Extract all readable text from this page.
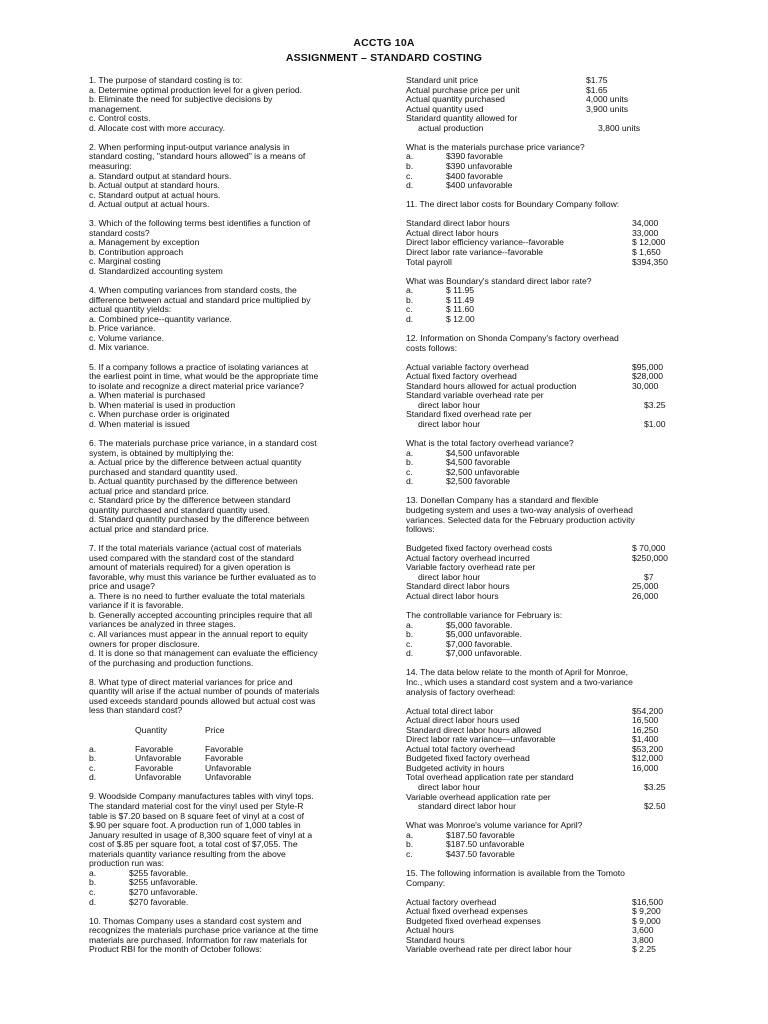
ACCTG 10A
ASSIGNMENT – STANDARD COSTING
1. The purpose of standard costing is to:
a. Determine optimal production level for a given period.
b. Eliminate the need for subjective decisions by
management.
c. Control costs.
d. Allocate cost with more accuracy.
2. When performing input-output variance analysis in
standard costing, "standard hours allowed" is a means of
measuring:
a. Standard output at standard hours.
b. Actual output at standard hours.
c. Standard output at actual hours.
d. Actual output at actual hours.
3. Which of the following terms best identifies a function of
standard costs?
a. Management by exception
b. Contribution approach
c. Marginal costing
d. Standardized accounting system
4. When computing variances from standard costs, the
difference between actual and standard price multiplied by
actual quantity yields:
a. Combined price--quantity variance.
b. Price variance.
c. Volume variance.
d. Mix variance.
5. If a company follows a practice of isolating variances at
the earliest point in time, what would be the appropriate time
to isolate and recognize a direct material price variance?
a. When material is purchased
b. When material is used in production
c. When purchase order is originated
d. When material is issued
6. The materials purchase price variance, in a standard cost
system, is obtained by multiplying the:
a. Actual price by the difference between actual quantity
purchased and standard quantity used.
b. Actual quantity purchased by the difference between
actual price and standard price.
c. Standard price by the difference between standard
quantity purchased and standard quantity used.
d. Standard quantity purchased by the difference between
actual price and standard price.
7. If the total materials variance (actual cost of materials
used compared with the standard cost of the standard
amount of materials required) for a given operation is
favorable, why must this variance be further evaluated as to
price and usage?
a. There is no need to further evaluate the total materials
variance if it is favorable.
b. Generally accepted accounting principles require that all
variances be analyzed in three stages.
c. All variances must appear in the annual report to equity
owners for proper disclosure.
d. It is done so that management can evaluate the efficiency
of the purchasing and production functions.
8. What type of direct material variances for price and
quantity will arise if the actual number of pounds of materials
used exceeds standard pounds allowed but actual cost was
less than standard cost?
Quantity	Price
a.	Favorable	Favorable
b.	Unfavorable	Favorable
c.	Favorable	Unfavorable
d.	Unfavorable	Unfavorable
9. Woodside Company manufactures tables with vinyl tops.
The standard material cost for the vinyl used per Style-R
table is $7.20 based on 8 square feet of vinyl at a cost of
$.90 per square foot. A production run of 1,000 tables in
January resulted in usage of 8,300 square feet of vinyl at a
cost of $.85 per square foot, a total cost of $7,055. The
materials quantity variance resulting from the above
production run was:
a.	$255 favorable.
b.	$255 unfavorable.
c.	$270 unfavorable.
d.	$270 favorable.
10. Thomas Company uses a standard cost system and
recognizes the materials purchase price variance at the time
materials are purchased. Information for raw materials for
Product RBI for the month of October follows:
Standard unit price	$1.75
Actual purchase price per unit	$1.65
Actual quantity purchased	4,000 units
Actual quantity used	3,900 units
Standard quantity allowed for
actual production	3,800 units
What is the materials purchase price variance?
a.	$390 favorable
b.	$390 unfavorable
c.	$400 favorable
d.	$400 unfavorable
11. The direct labor costs for Boundary Company follow:
Standard direct labor hours	34,000
Actual direct labor hours	33,000
Direct labor efficiency variance--favorable	$ 12,000
Direct labor rate variance--favorable	$ 1,650
Total payroll	$394,350
What was Boundary's standard direct labor rate?
a.	$ 11.95
b.	$ 11.49
c.	$ 11.60
d.	$ 12.00
12. Information on Shonda Company's factory overhead
costs follows:
Actual variable factory overhead	$95,000
Actual fixed factory overhead	$28,000
Standard hours allowed for actual production	30,000
Standard variable overhead rate per
direct labor hour	$3.25
Standard fixed overhead rate per
direct labor hour	$1.00
What is the total factory overhead variance?
a.	$4,500 unfavorable
b.	$4,500 favorable
c.	$2,500 unfavorable
d.	$2,500 favorable
13. Donellan Company has a standard and flexible
budgeting system and uses a two-way analysis of overhead
variances. Selected data for the February production activity
follows:
Budgeted fixed factory overhead costs	$ 70,000
Actual factory overhead incurred	$250,000
Variable factory overhead rate per
direct labor hour	$7
Standard direct labor hours	25,000
Actual direct labor hours	26,000
The controllable variance for February is:
a.	$5,000 favorable.
b.	$5,000 unfavorable.
c.	$7,000 favorable.
d.	$7,000 unfavorable.
14. The data below relate to the month of April for Monroe,
Inc., which uses a standard cost system and a two-variance
analysis of factory overhead:
Actual total direct labor	$54,200
Actual direct labor hours used	16,500
Standard direct labor hours allowed	16,250
Direct labor rate variance—unfavorable	$1,400
Actual total factory overhead	$53,200
Budgeted fixed factory overhead	$12,000
Budgeted activity in hours	16,000
Total overhead application rate per standard
direct labor hour	$3.25
Variable overhead application rate per
standard direct labor hour	$2.50
What was Monroe's volume variance for April?
a.	$187.50 favorable
b.	$187.50 unfavorable
c.	$437.50 favorable
15. The following information is available from the Tomoto
Company:
Actual factory overhead	$16,500
Actual fixed overhead expenses	$ 9,200
Budgeted fixed overhead expenses	$ 9,000
Actual hours	3,600
Standard hours	3,800
Variable overhead rate per direct labor hour	$ 2.25
